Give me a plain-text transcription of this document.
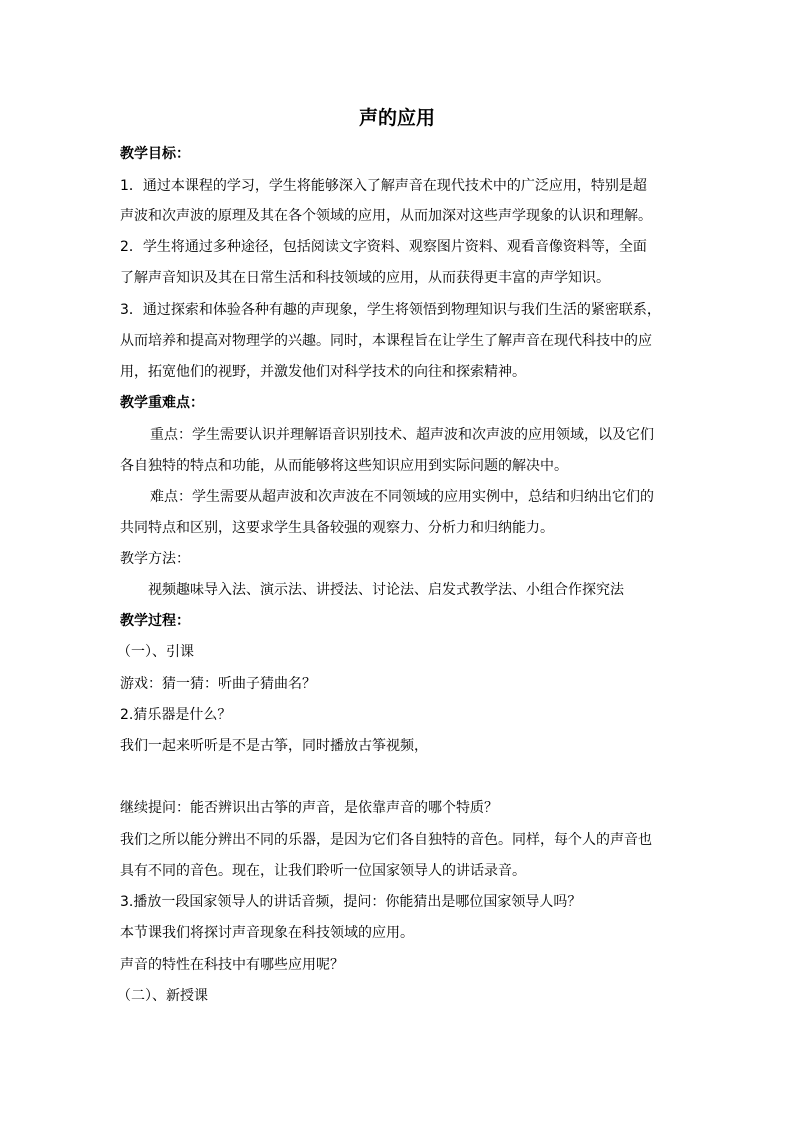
声的应用
教学目标：
1．通过本课程的学习，学生将能够深入了解声音在现代技术中的广泛应用，特别是超
声波和次声波的原理及其在各个领域的应用，从而加深对这些声学现象的认识和理解。
2．学生将通过多种途径，包括阅读文字资料、观察图片资料、观看音像资料等，全面
了解声音知识及其在日常生活和科技领域的应用，从而获得更丰富的声学知识。
3．通过探索和体验各种有趣的声现象，学生将领悟到物理知识与我们生活的紧密联系，
从而培养和提高对物理学的兴趣。同时，本课程旨在让学生了解声音在现代科技中的应
用，拓宽他们的视野，并激发他们对科学技术的向往和探索精神。
教学重难点：
重点：学生需要认识并理解语音识别技术、超声波和次声波的应用领域，以及它们
各自独特的特点和功能，从而能够将这些知识应用到实际问题的解决中。
难点：学生需要从超声波和次声波在不同领域的应用实例中，总结和归纳出它们的
共同特点和区别，这要求学生具备较强的观察力、分析力和归纳能力。
教学方法：
视频趣味导入法、演示法、讲授法、讨论法、启发式教学法、小组合作探究法
教学过程：
（一）、引课
游戏：猜一猜：听曲子猜曲名？
2.猜乐器是什么？
我们一起来听听是不是古筝，同时播放古筝视频，
继续提问：能否辨识出古筝的声音，是依靠声音的哪个特质？
我们之所以能分辨出不同的乐器，是因为它们各自独特的音色。同样，每个人的声音也
具有不同的音色。现在，让我们聆听一位国家领导人的讲话录音。
3.播放一段国家领导人的讲话音频，提问：你能猜出是哪位国家领导人吗？
本节课我们将探讨声音现象在科技领域的应用。
声音的特性在科技中有哪些应用呢？
（二）、新授课
